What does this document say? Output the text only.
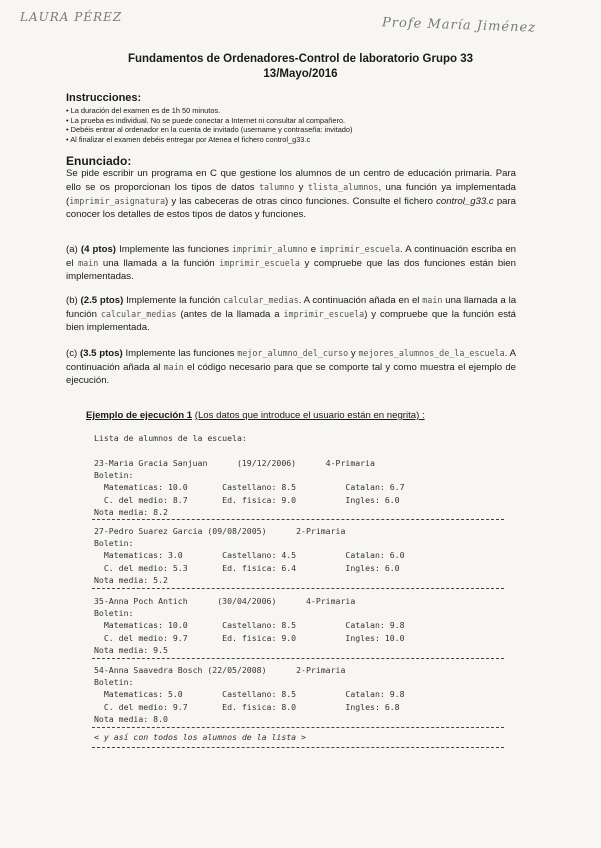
LAURA PÉREZ	Profe María Jiménez
Fundamentos de Ordenadores-Control de laboratorio Grupo 33
13/Mayo/2016
Instrucciones:
• La duración del examen es de 1h 50 minutos.
• La prueba es individual. No se puede conectar a Internet ni consultar al compañero.
• Debéis entrar al ordenador en la cuenta de invitado (username y contraseña: invitado)
• Al finalizar el examen debéis entregar por Atenea el fichero control_g33.c
Enunciado:

Se pide escribir un programa en C que gestione los alumnos de un centro de educación primaria. Para ello se os proporcionan los tipos de datos talumno y tlista_alumnos, una función ya implementada (imprimir_asignatura) y las cabeceras de otras cinco funciones. Consulte el fichero control_g33.c para conocer los detalles de estos tipos de datos y funciones.

(a) (4 ptos) Implemente las funciones imprimir_alumno e imprimir_escuela. A continuación escriba en el main una llamada a la función imprimir_escuela y compruebe que las dos funciones están bien implementadas.
(b) (2.5 ptos) Implemente la función calcular_medias. A continuación añada en el main una llamada a la función calcular_medias (antes de la llamada a imprimir_escuela) y compruebe que la función está bien implementada.
(c) (3.5 ptos) Implemente las funciones mejor_alumno_del_curso y mejores_alumnos_de_la_escuela. A continuación añada al main el código necesario para que se comporte tal y como muestra el ejemplo de ejecución.
Ejemplo de ejecución 1 (Los datos que introduce el usuario están en negrita) :
Lista de alumnos de la escuela:
23-Maria Gracia Sanjuan      (19/12/2006)      4-Primaria
Boletin:
Matematicas: 10.0       Castellano: 8.5          Catalan: 6.7
C. del medio: 8.7       Ed. fisica: 9.0          Ingles: 6.0
Nota media: 8.2
27-Pedro Suarez Garcia (09/08/2005)      2-Primaria
Boletin:
Matematicas: 3.0        Castellano: 4.5          Catalan: 6.0
C. del medio: 5.3       Ed. fisica: 6.4          Ingles: 6.0
Nota media: 5.2
35-Anna Poch Antich      (30/04/2006)      4-Primaria
Boletin:
Matematicas: 10.0       Castellano: 8.5          Catalan: 9.8
C. del medio: 9.7       Ed. fisica: 9.0          Ingles: 10.0
Nota media: 9.5
54-Anna Saavedra Bosch (22/05/2008)      2-Primaria
Boletin:
Matematicas: 5.0        Castellano: 8.5          Catalan: 9.8
C. del medio: 9.7       Ed. fisica: 8.0          Ingles: 6.8
Nota media: 8.0
< y así con todos los alumnos de la lista >
